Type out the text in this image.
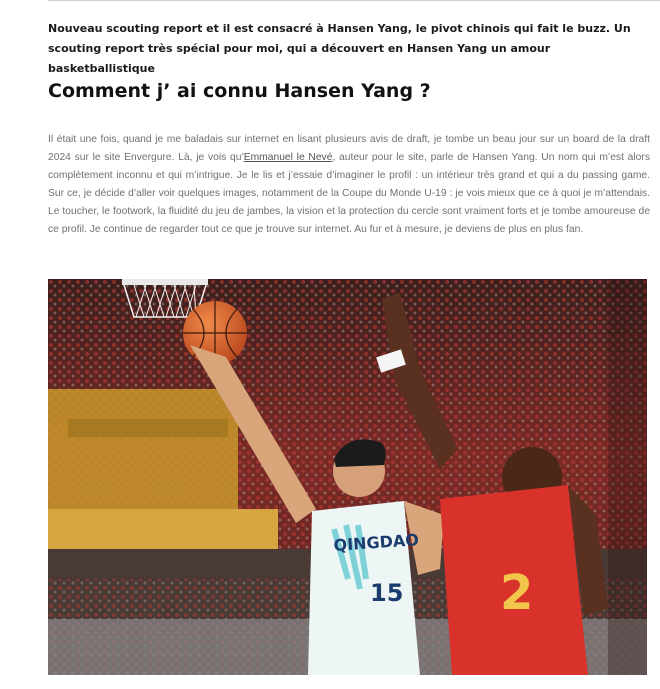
Nouveau scouting report et il est consacré à Hansen Yang, le pivot chinois qui fait le buzz. Un scouting report très spécial pour moi, qui a découvert en Hansen Yang un amour basketballistique
Comment j’ ai connu Hansen Yang ?

Il était une fois, quand je me baladais sur internet en lisant plusieurs avis de draft, je tombe un beau jour sur un board de la draft 2024 sur le site Envergure. Là, je vois qu’Emmanuel le Nevé, auteur pour le site, parle de Hansen Yang. Un nom qui m’est alors complètement inconnu et qui m’intrigue. Je le lis et j’essaie d’imaginer le profil : un intérieur très grand et qui a du passing game. Sur ce, je décide d’aller voir quelques images, notamment de la Coupe du Monde U-19 : je vois mieux que ce à quoi je m’attendais. Le toucher, le footwork, la fluidité du jeu de jambes, la vision et la protection du cercle sont vraiment forts et je tombe amoureuse de ce profil. Je continue de regarder tout ce que je trouve sur internet. Au fur et à mesure, je deviens de plus en plus fan.

QINGDAO
15 2
